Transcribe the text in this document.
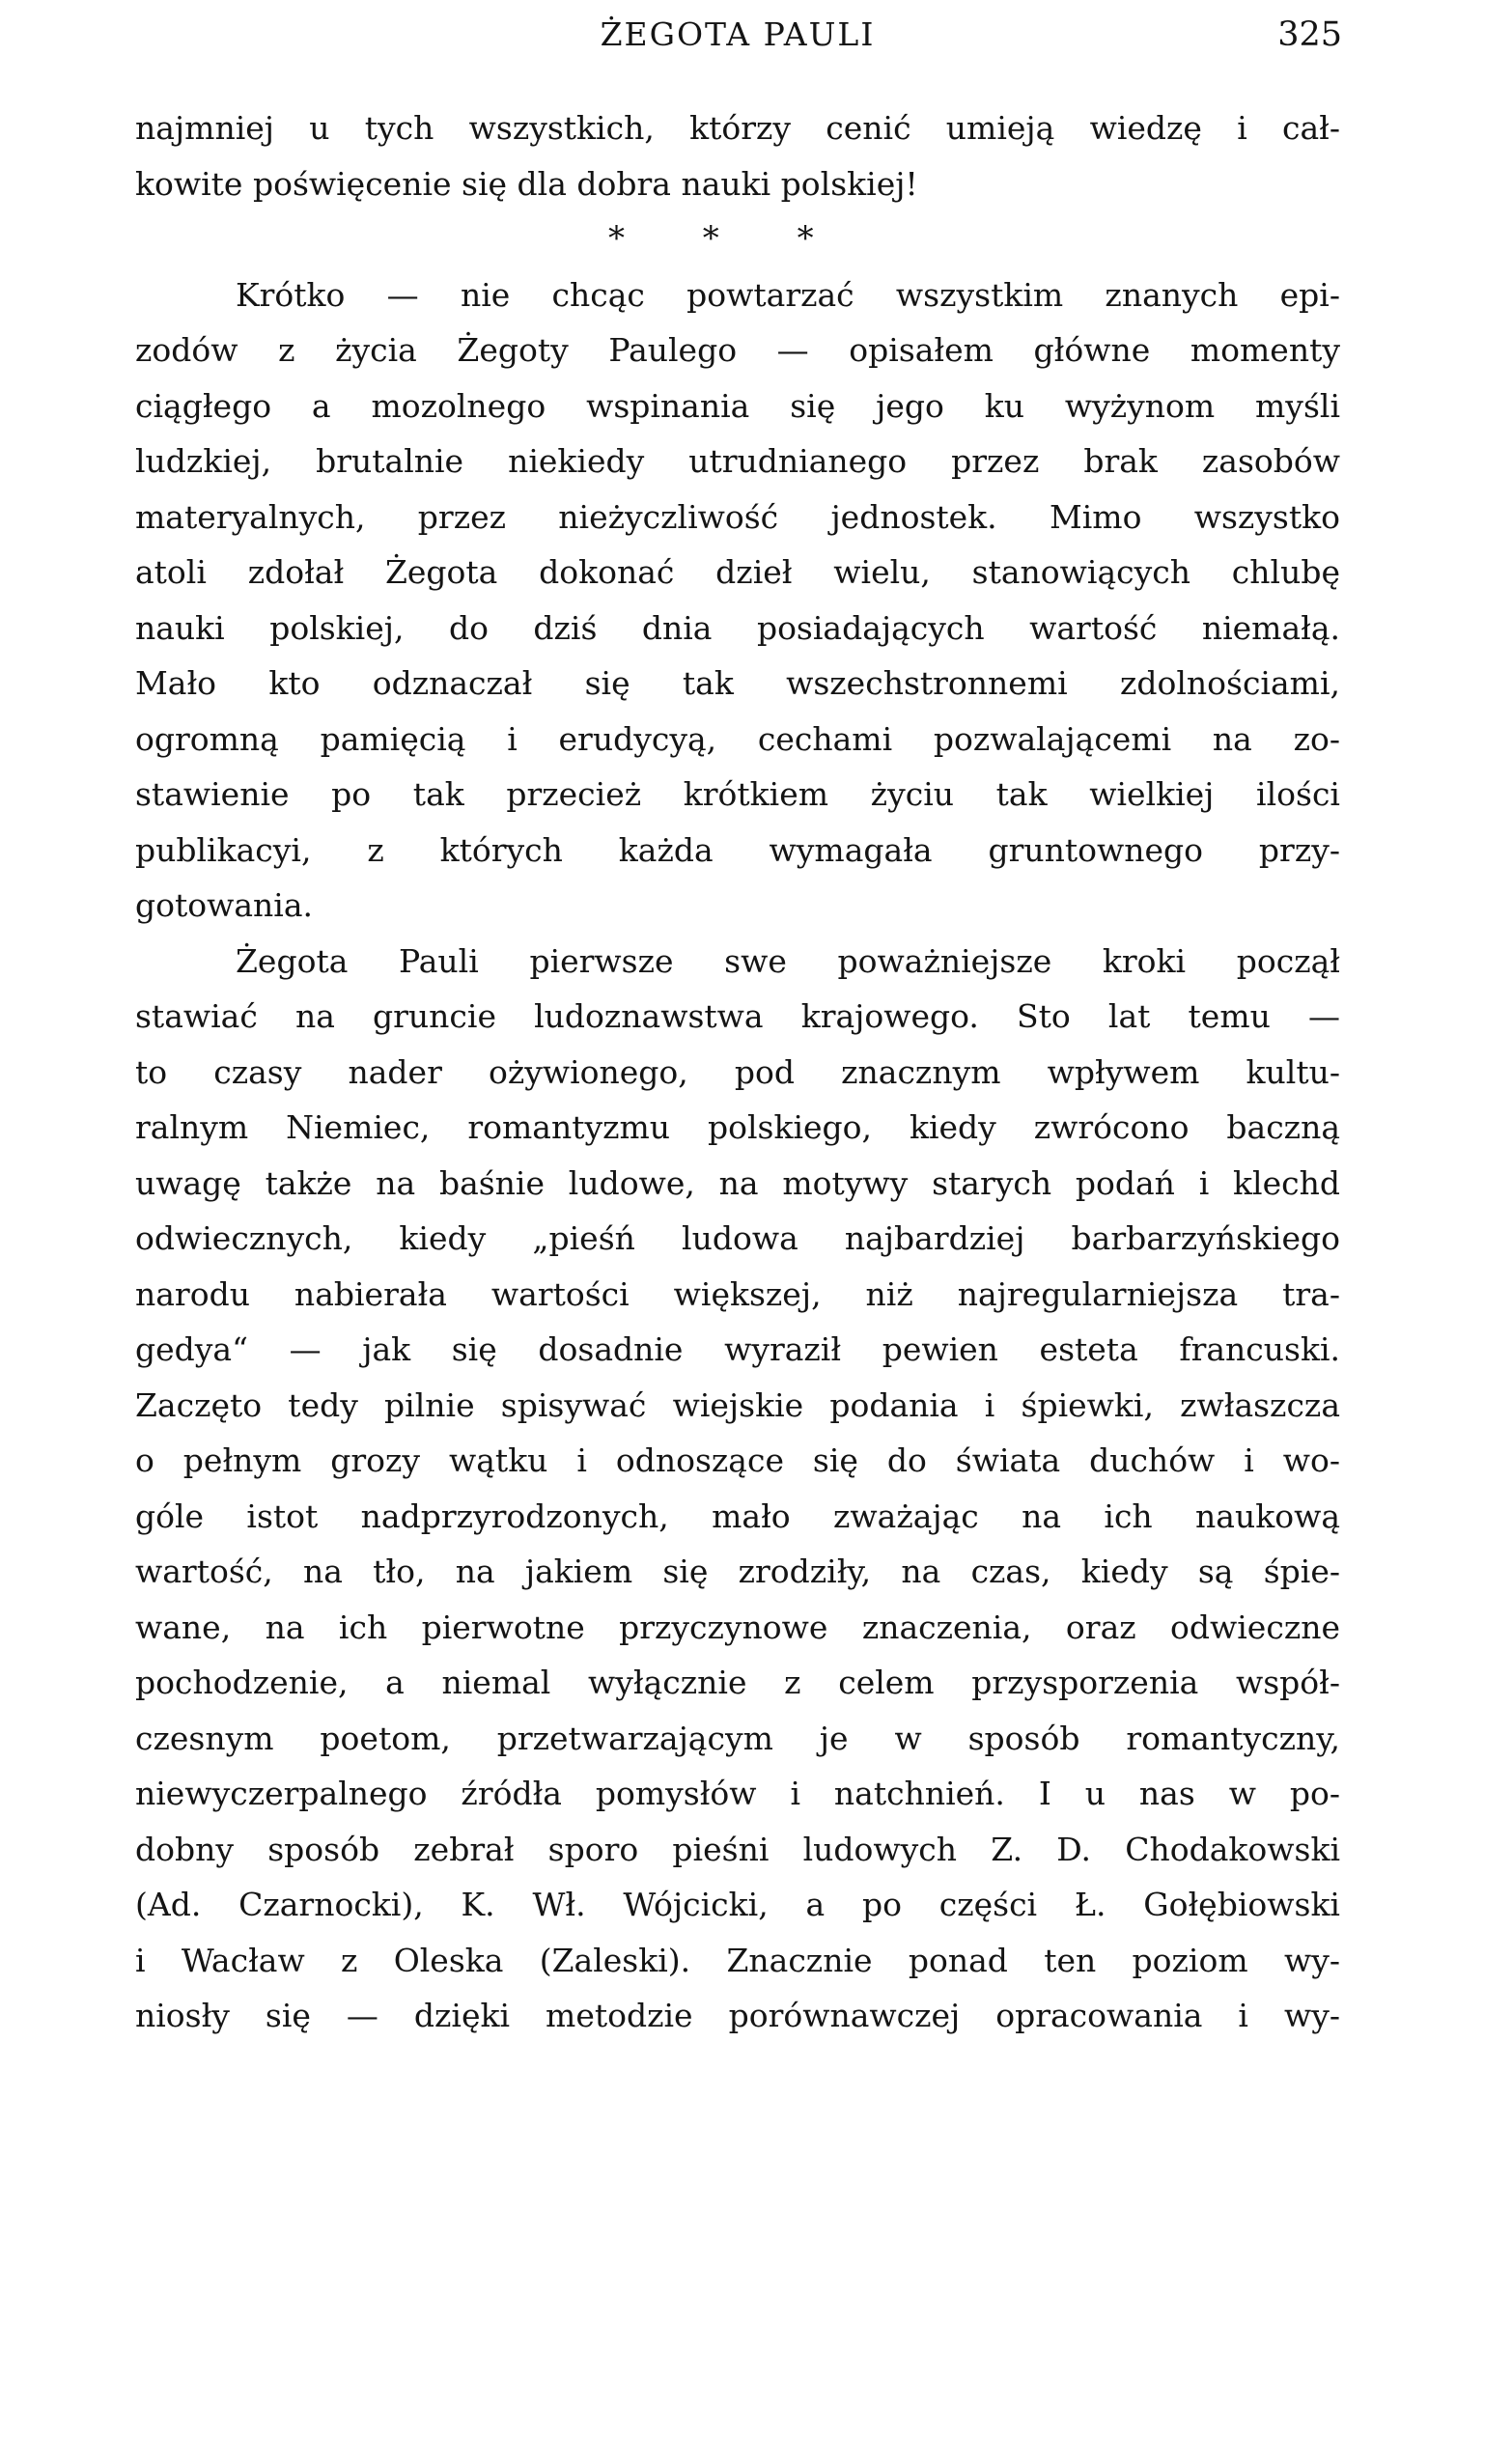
ŻEGOTA PAULI	325
najmniej u tych wszystkich, którzy cenić umieją wiedzę i cał-
kowite poświęcenie się dla dobra nauki polskiej!
* * *
Krótko — nie chcąc powtarzać wszystkim znanych epi-
zodów z życia Żegoty Paulego — opisałem główne momenty
ciągłego a mozolnego wspinania się jego ku wyżynom myśli
ludzkiej, brutalnie niekiedy utrudnianego przez brak zasobów
materyalnych, przez nieżyczliwość jednostek. Mimo wszystko
atoli zdołał Żegota dokonać dzieł wielu, stanowiących chlubę
nauki polskiej, do dziś dnia posiadających wartość niemałą.
Mało kto odznaczał się tak wszechstronnemi zdolnościami,
ogromną pamięcią i erudycyą, cechami pozwalającemi na zo-
stawienie po tak przecież krótkiem życiu tak wielkiej ilości
publikacyi, z których każda wymagała gruntownego przy-
gotowania.
Żegota Pauli pierwsze swe poważniejsze kroki począł
stawiać na gruncie ludoznawstwa krajowego. Sto lat temu —
to czasy nader ożywionego, pod znacznym wpływem kultu-
ralnym Niemiec, romantyzmu polskiego, kiedy zwrócono baczną
uwagę także na baśnie ludowe, na motywy starych podań i klechd
odwiecznych, kiedy „pieśń ludowa najbardziej barbarzyńskiego
narodu nabierała wartości większej, niż najregularniejsza tra-
gedya“ — jak się dosadnie wyraził pewien esteta francuski.
Zaczęto tedy pilnie spisywać wiejskie podania i śpiewki, zwłaszcza
o pełnym grozy wątku i odnoszące się do świata duchów i wo-
góle istot nadprzyrodzonych, mało zważając na ich naukową
wartość, na tło, na jakiem się zrodziły, na czas, kiedy są śpie-
wane, na ich pierwotne przyczynowe znaczenia, oraz odwieczne
pochodzenie, a niemal wyłącznie z celem przysporzenia współ-
czesnym poetom, przetwarzającym je w sposób romantyczny,
niewyczerpalnego źródła pomysłów i natchnień. I u nas w po-
dobny sposób zebrał sporo pieśni ludowych Z. D. Chodakowski
(Ad. Czarnocki), K. Wł. Wójcicki, a po części Ł. Gołębiowski
i Wacław z Oleska (Zaleski). Znacznie ponad ten poziom wy-
niosły się — dzięki metodzie porównawczej opracowania i wy-
